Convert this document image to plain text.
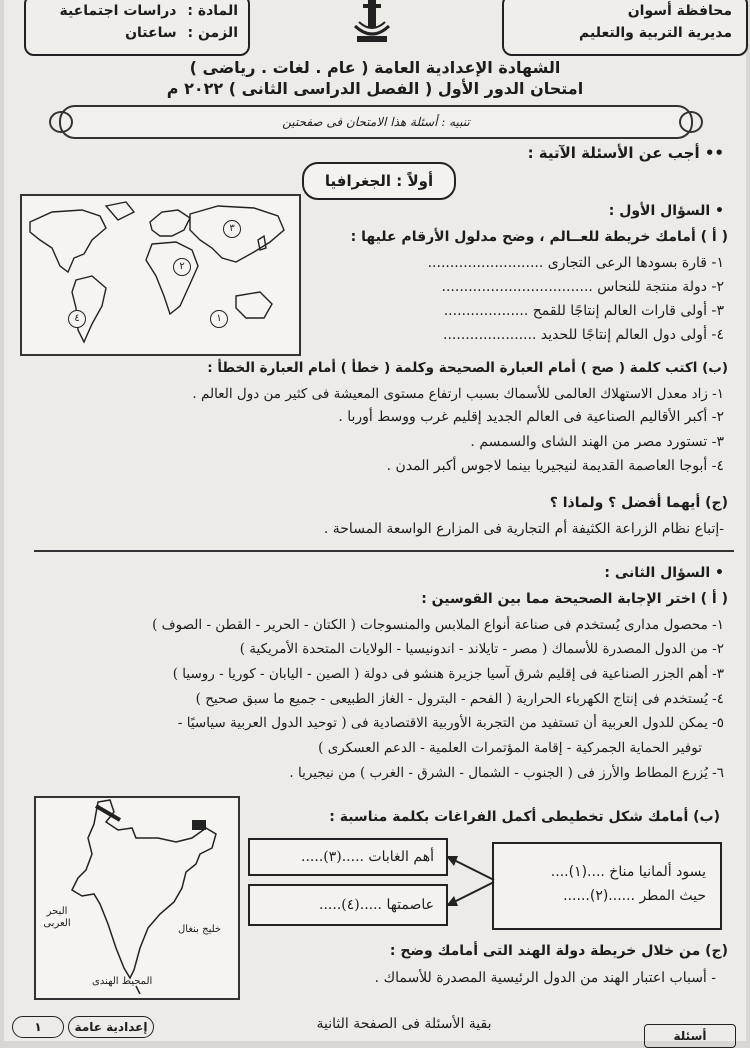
محافظة أسوان
مديرية التربية والتعليم
المادة : دراسات اجتماعية
الزمن : ساعتان
الشهادة الإعدادية العامة ( عام . لغات . رياضى )
امتحان الدور الأول ( الفصل الدراسى الثانى ) ٢٠٢٢ م
تنبيه : أسئلة هذا الامتحان فى صفحتين
•• أجب عن الأسئلة الآتية :
أولاً : الجغرافيا
٣
١
٤
٢
• السؤال الأول :
( أ ) أمامك خريطة للعــالم ، وضح مدلول الأرقام عليها :
١- قارة بسودها الرعى التجارى ..........................
٢- دولة منتجة للنحاس ..................................
٣- أولى قارات العالم إنتاجًا للقمح ...................
٤- أولى دول العالم إنتاجًا للحديد .....................
(ب) اكتب كلمة ( صح ) أمام العبارة الصحيحة وكلمة ( خطأ ) أمام العبارة الخطأ :
١- زاد معدل الاستهلاك العالمى للأسماك بسبب ارتفاع مستوى المعيشة فى كثير من دول العالم .
٢- أكبر الأقاليم الصناعية فى العالم الجديد إقليم غرب ووسط أوربا .
٣- تستورد مصر من الهند الشاى والسمسم .
٤- أبوجا العاصمة القديمة لنيجيريا بينما لاجوس أكبر المدن .
(ج) أيهما أفضل ؟ ولماذا ؟
-إتباع نظام الزراعة الكثيفة أم التجارية فى المزارع الواسعة المساحة .
• السؤال الثانى :
( أ ) اختر الإجابة الصحيحة مما بين القوسين :
١- محصول مدارى يُستخدم فى صناعة أنواع الملابس والمنسوجات ( الكتان - الحرير - القطن - الصوف )
٢- من الدول المصدرة للأسماك ( مصر - تايلاند - اندونيسيا - الولايات المتحدة الأمريكية )
٣- أهم الجزر الصناعية فى إقليم شرق آسيا جزيرة هنشو فى دولة ( الصين - اليابان - كوريا - روسيا )
٤- يُستخدم فى إنتاج الكهرباء الحرارية ( الفحم - البترول - الغاز الطبيعى - جميع ما سبق صحيح )
٥- يمكن للدول العربية أن تستفيد من التجربة الأوربية الاقتصادية فى ( توحيد الدول العربية سياسيًا -
توفير الحماية الجمركية - إقامة المؤتمرات العلمية - الدعم العسكرى )
٦- يُزرع المطاط والأرز فى ( الجنوب - الشمال - الشرق - الغرب ) من نيجيريا .
البحر العربى
خليج بنغال
المحيط الهندى
(ب) أمامك شكل تخطيطى أكمل الفراغات بكلمة مناسبة :
يسود ألمانيا مناخ ....(١)....
حيث المطر ......(٢)......
أهم الغابات .....(٣).....
عاصمتها .....(٤).....
(ج) من خلال خريطة دولة الهند التى أمامك وضح :
- أسباب اعتبار الهند من الدول الرئيسية المصدرة للأسماك .
بقية الأسئلة فى الصفحة الثانية
إعدادية عامة
١
أسئلة
